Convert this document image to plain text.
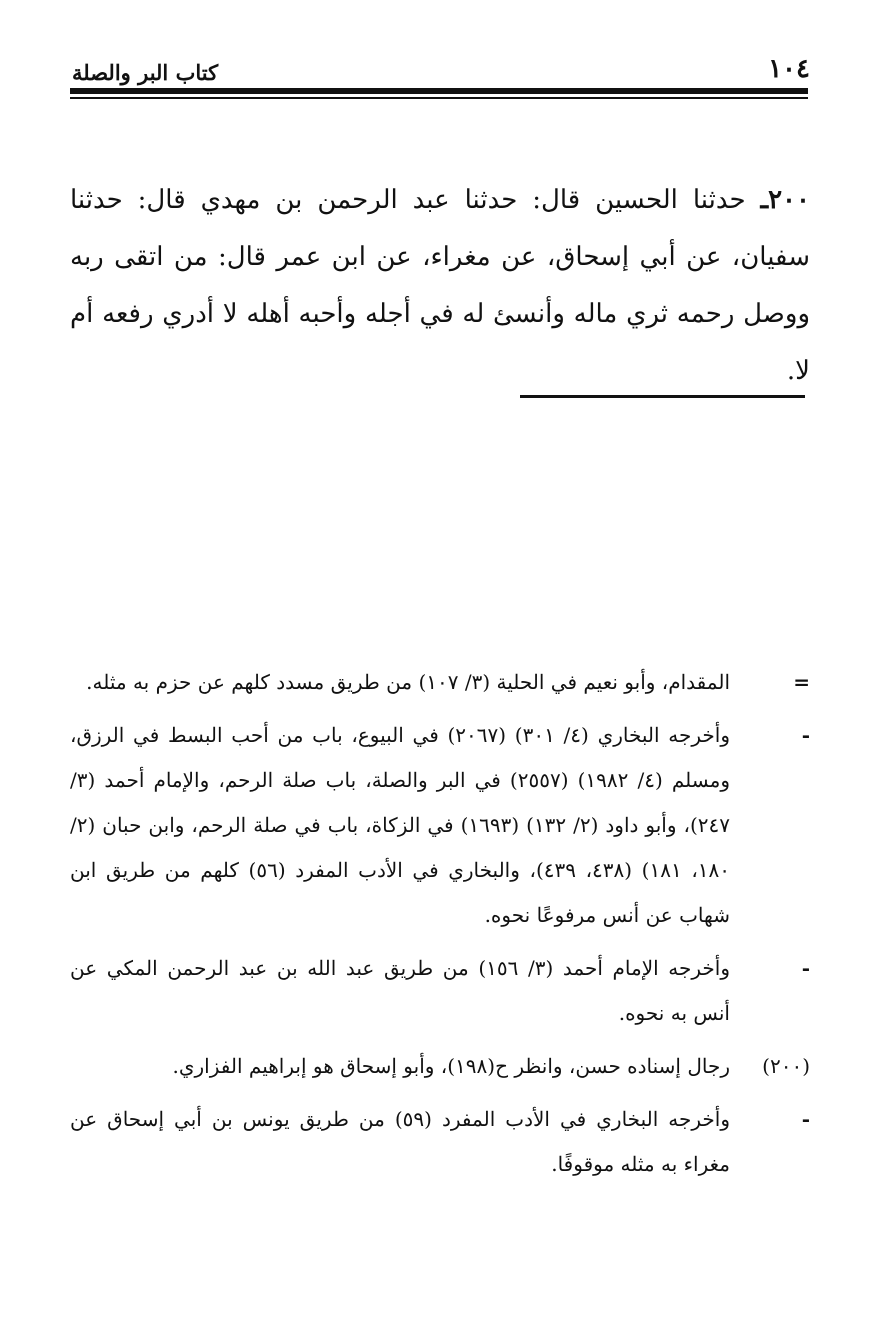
١٠٤
كتاب البر والصلة
٢٠٠ـ حدثنا الحسين قال: حدثنا عبد الرحمن بن مهدي قال: حدثنا سفيان، عن أبي إسحاق، عن مغراء، عن ابن عمر قال: من اتقى ربه ووصل رحمه ثري ماله وأنسئ له في أجله وأحبه أهله لا أدري رفعه أم لا.
=
المقدام، وأبو نعيم في الحلية (٣/ ١٠٧) من طريق مسدد كلهم عن حزم به مثله.
-
وأخرجه البخاري (٤/ ٣٠١) (٢٠٦٧) في البيوع، باب من أحب البسط في الرزق، ومسلم (٤/ ١٩٨٢) (٢٥٥٧) في البر والصلة، باب صلة الرحم، والإمام أحمد (٣/ ٢٤٧)، وأبو داود (٢/ ١٣٢) (١٦٩٣) في الزكاة، باب في صلة الرحم، وابن حبان (٢/ ١٨٠، ١٨١) (٤٣٨، ٤٣٩)، والبخاري في الأدب المفرد (٥٦) كلهم من طريق ابن شهاب عن أنس مرفوعًا نحوه.
-
وأخرجه الإمام أحمد (٣/ ١٥٦) من طريق عبد الله بن عبد الرحمن المكي عن أنس به نحوه.
(٢٠٠)
رجال إسناده حسن، وانظر ح(١٩٨)، وأبو إسحاق هو إبراهيم الفزاري.
-
وأخرجه البخاري في الأدب المفرد (٥٩) من طريق يونس بن أبي إسحاق عن مغراء به مثله موقوفًا.
